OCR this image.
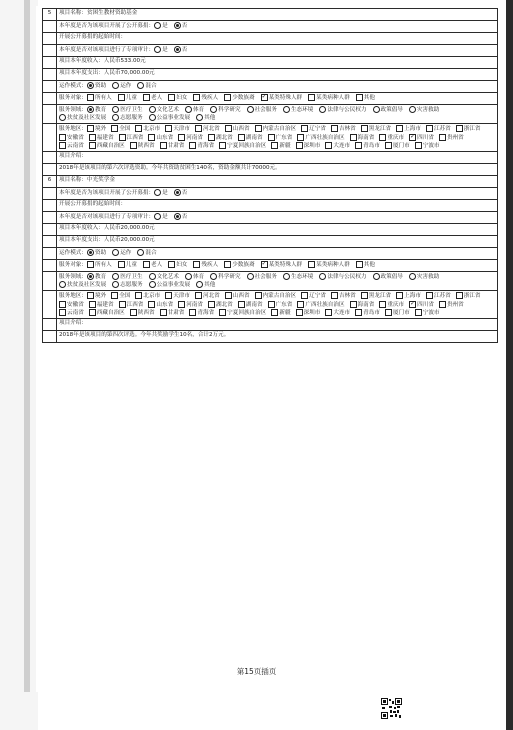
5	项目名称：贫困生教材资助基金
	本年度是否为该项目开展了公开募捐： 是 否
	开展公开募捐的起始时间：
	本年度是否对该项目进行了专项审计： 是 否
	项目本年度收入：人民币533.00元
	项目本年度支出：人民币70,000.00元
	运作模式： 资助 运作 混合
	服务对象： 所有人 儿童 老人 妇女 残疾人 少数族裔 ✓ 某类特殊人群 某类病种人群 其他
	服务领域： 教育 医疗卫生 文化艺术 体育 科学研究 社会服务 生态环境 法律与公民权力 政策倡导 灾害救助扶贫及社区发展 志愿服务 公益事业发展 其他
	服务地区： 境外 全国 北京市 天津市 河北省 山西省 内蒙古自治区 辽宁省 吉林省 黑龙江省 上海市 江苏省 浙江省安徽省 福建省 江西省 山东省 河南省 湖北省 湖南省 广东省 广西壮族自治区 海南省 重庆市 ✓ 四川省 贵州省云南省 西藏自治区 陕西省 甘肃省 青海省 宁夏回族自治区 新疆 深圳市 大连市 青岛市 厦门市 宁波市
	项目介绍：
	2018年是该项目的第六次评选资助。今年共资助贫困生140名，资助金额共计70000元。
6	项目名称：中光奖学金
	本年度是否为该项目开展了公开募捐： 是 否
	开展公开募捐的起始时间：
	本年度是否对该项目进行了专项审计： 是 否
	项目本年度收入：人民币20,000.00元
	项目本年度支出：人民币20,000.00元
	运作模式： 资助 运作 混合
	服务对象： 所有人 儿童 老人 妇女 残疾人 少数族裔 ✓ 某类特殊人群 某类病种人群 其他
	服务领域： 教育 医疗卫生 文化艺术 体育 科学研究 社会服务 生态环境 法律与公民权力 政策倡导 灾害救助扶贫及社区发展 志愿服务 公益事业发展 其他
	服务地区： 境外 全国 北京市 天津市 河北省 山西省 内蒙古自治区 辽宁省 吉林省 黑龙江省 上海市 江苏省 浙江省安徽省 福建省 江西省 山东省 河南省 湖北省 湖南省 广东省 广西壮族自治区 海南省 重庆市 ✓ 四川省 贵州省云南省 西藏自治区 陕西省 甘肃省 青海省 宁夏回族自治区 新疆 深圳市 大连市 青岛市 厦门市 宁波市
	项目介绍：
	2018年是该项目的第四次评选。今年共奖励学生10名，合计2万元。
第15页插页
